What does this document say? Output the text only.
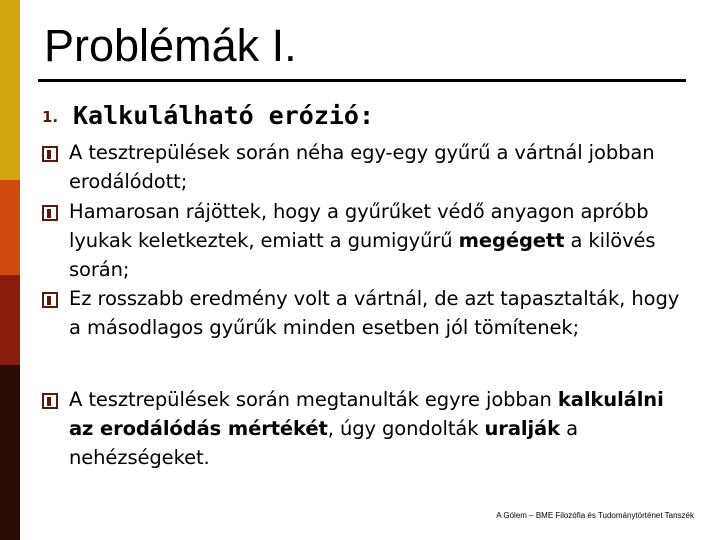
Problémák I.
1. Kalkulálható erózió:
A tesztrepülések során néha egy-egy gyűrű a vártnál jobban erodálódott;
Hamarosan rájöttek, hogy a gyűrűket védő anyagon apróbb lyukak keletkeztek, emiatt a gumigyűrű megégett a kilövés során;
Ez rosszabb eredmény volt a vártnál, de azt tapasztalták, hogy a másodlagos gyűrűk minden esetben jól tömítenek;
A tesztrepülések során megtanulták egyre jobban kalkulálni az erodálódás mértékét, úgy gondolták uralják a nehézségeket.
A Gólem – BME Filozófia és Tudománytörténet Tanszék
